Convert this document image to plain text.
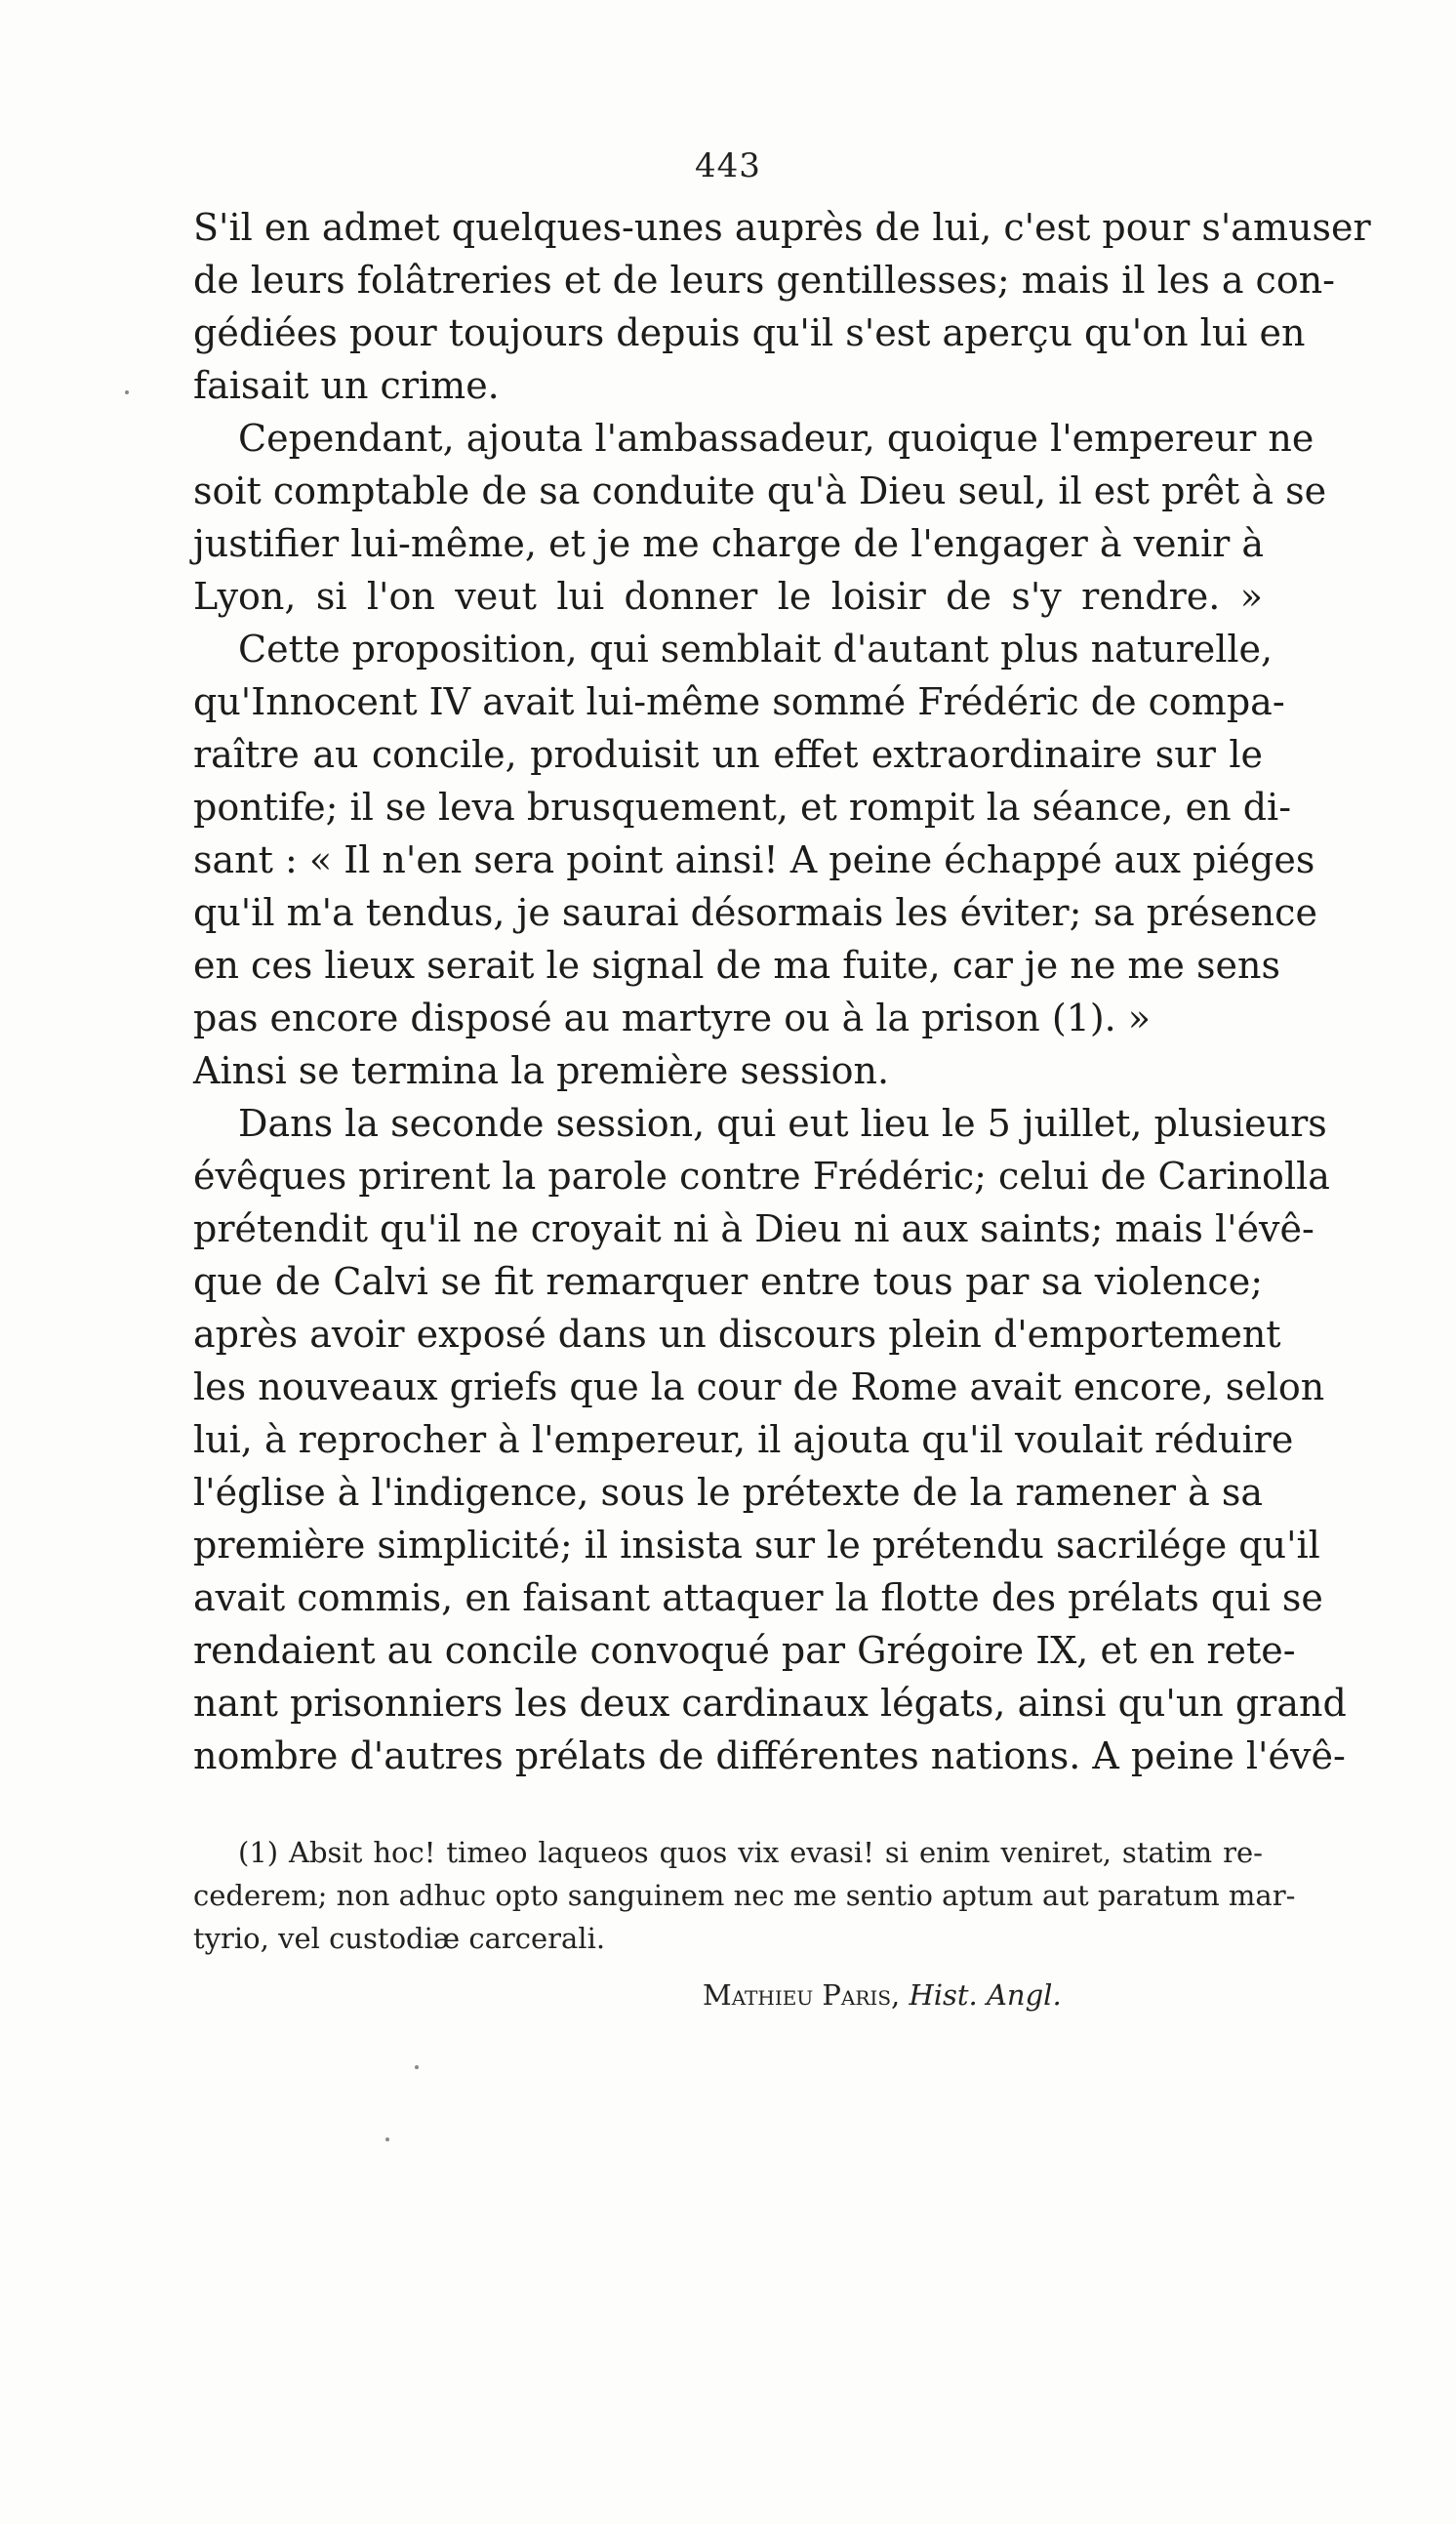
443
S'il en admet quelques-unes auprès de lui, c'est pour s'amuser
de leurs folâtreries et de leurs gentillesses; mais il les a con-
gédiées pour toujours depuis qu'il s'est aperçu qu'on lui en
faisait un crime.
Cependant, ajouta l'ambassadeur, quoique l'empereur ne
soit comptable de sa conduite qu'à Dieu seul, il est prêt à se
justifier lui-même, et je me charge de l'engager à venir à
Lyon, si l'on veut lui donner le loisir de s'y rendre. »
Cette proposition, qui semblait d'autant plus naturelle,
qu'Innocent IV avait lui-même sommé Frédéric de compa-
raître au concile, produisit un effet extraordinaire sur le
pontife; il se leva brusquement, et rompit la séance, en di-
sant : « Il n'en sera point ainsi! A peine échappé aux piéges
qu'il m'a tendus, je saurai désormais les éviter; sa présence
en ces lieux serait le signal de ma fuite, car je ne me sens
pas encore disposé au martyre ou à la prison (1). »
Ainsi se termina la première session.
Dans la seconde session, qui eut lieu le 5 juillet, plusieurs
évêques prirent la parole contre Frédéric; celui de Carinolla
prétendit qu'il ne croyait ni à Dieu ni aux saints; mais l'évê-
que de Calvi se fit remarquer entre tous par sa violence;
après avoir exposé dans un discours plein d'emportement
les nouveaux griefs que la cour de Rome avait encore, selon
lui, à reprocher à l'empereur, il ajouta qu'il voulait réduire
l'église à l'indigence, sous le prétexte de la ramener à sa
première simplicité; il insista sur le prétendu sacrilége qu'il
avait commis, en faisant attaquer la flotte des prélats qui se
rendaient au concile convoqué par Grégoire IX, et en rete-
nant prisonniers les deux cardinaux légats, ainsi qu'un grand
nombre d'autres prélats de différentes nations. A peine l'évê-
(1) Absit hoc! timeo laqueos quos vix evasi! si enim veniret, statim re-
cederem; non adhuc opto sanguinem nec me sentio aptum aut paratum mar-
tyrio, vel custodiæ carcerali.
Mathieu Paris, Hist. Angl.
